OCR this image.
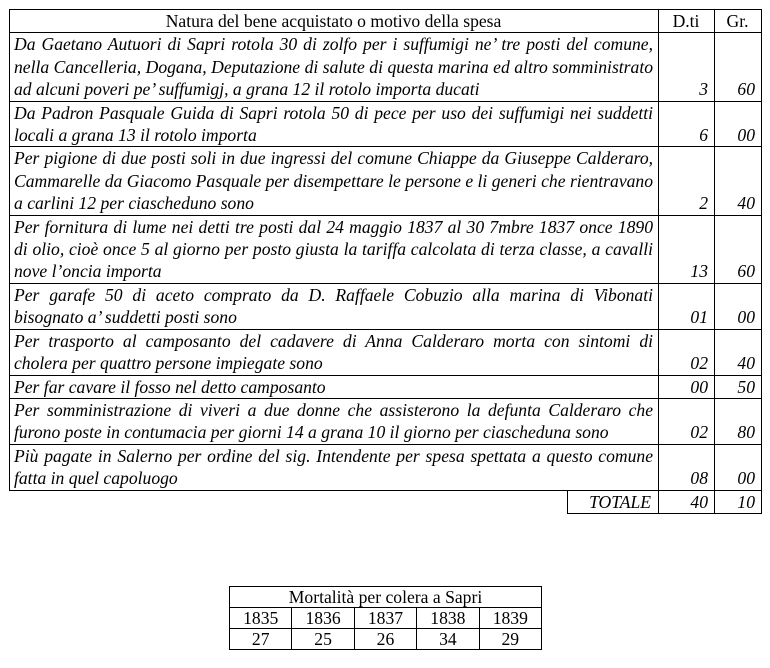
Natura del bene acquistato o motivo della spesa		D.ti	Gr.
Da Gaetano Autuori di Sapri rotola 30 di zolfo per i suffumigi ne’ tre posti del comune, nella Cancelleria, Dogana, Deputazione di salute di questa marina ed altro somministrato ad alcuni poveri pe’ suffumigj, a grana 12 il rotolo importa ducati		3	60
Da Padron Pasquale Guida di Sapri rotola 50 di pece per uso dei suffumigi nei suddetti locali a grana 13 il rotolo importa		6	00
Per pigione di due posti soli in due ingressi del comune Chiappe da Giuseppe Calderaro, Cammarelle da Giacomo Pasquale per disempettare le persone e li generi che rientravano a carlini 12 per ciascheduno sono		2	40
Per fornitura di lume nei detti tre posti dal 24 maggio 1837 al 30 7mbre 1837 once 1890 di olio, cioè once 5 al giorno per posto giusta la tariffa calcolata di terza classe, a cavalli nove l’oncia importa		13	60
Per garafe 50 di aceto comprato da D. Raffaele Cobuzio alla marina di Vibonati bisognato a’ suddetti posti sono		01	00
Per trasporto al camposanto del cadavere di Anna Calderaro morta con sintomi di cholera per quattro persone impiegate sono		02	40
Per far cavare il fosso nel detto camposanto		00	50
Per somministrazione di viveri a due donne che assisterono la defunta Calderaro che furono poste in contumacia per giorni 14 a grana 10 il giorno per ciascheduna sono		02	80
Più pagate in Salerno per ordine del sig. Intendente per spesa spettata a questo comune fatta in quel capoluogo		08	00
	TOTALE	40	10
Mortalità per colera a Sapri				
1835	1836	1837	1838	1839
27	25	26	34	29
